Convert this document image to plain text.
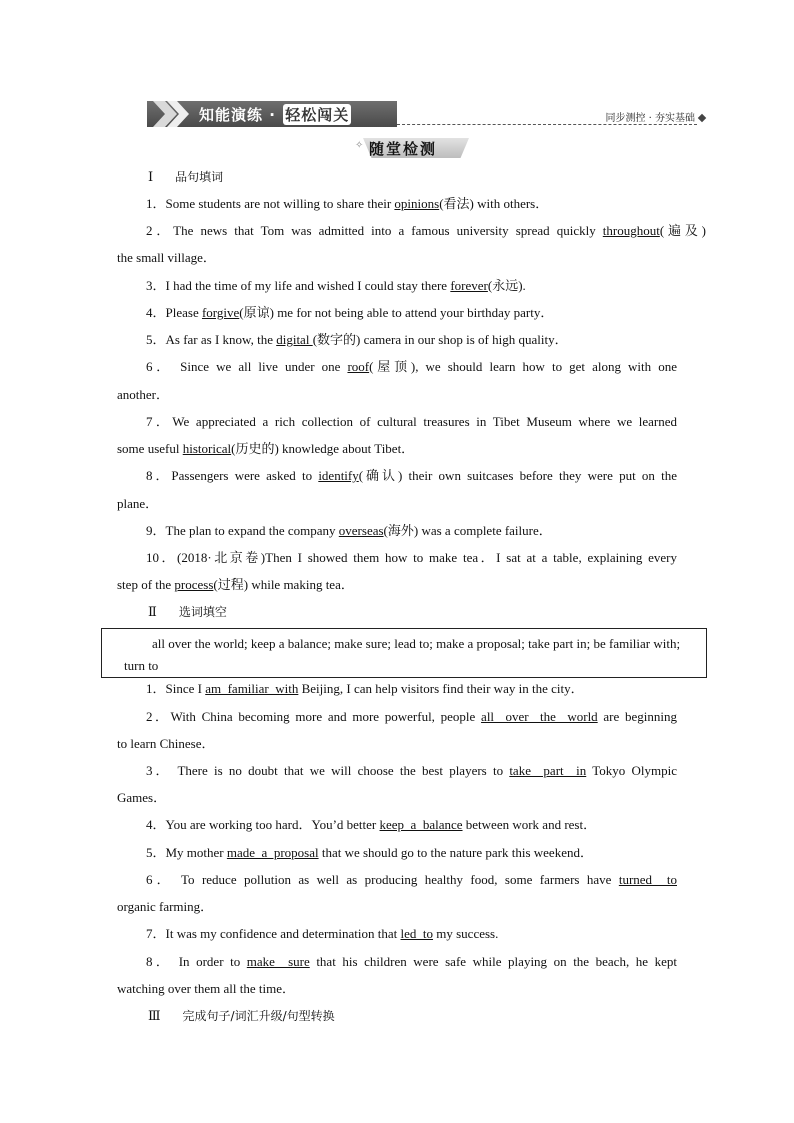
知能演练 · 轻松闯关	同步测控 · 夯实基础
✧ 随堂检测
Ⅰ 品句填词
1．Some students are not willing to share their opinions(看法) with others．
2．The news that Tom was admitted into a famous university spread quickly throughout(遍及)
the small village．
3．I had the time of my life and wished I could stay there forever(永远).
4．Please forgive(原谅) me for not being able to attend your birthday party．
5．As far as I know, the digital (数字的) camera in our shop is of high quality．
6． Since we all live under one roof(屋顶), we should learn how to get along with one
another．
7．We appreciated a rich collection of cultural treasures in Tibet Museum where we learned
some useful historical(历史的) knowledge about Tibet．
8．Passengers were asked to identify(确认) their own suitcases before they were put on the
plane．
9．The plan to expand the company overseas(海外) was a complete failure．
10．(2018·北京卷)Then I showed them how to make tea．I sat at a table, explaining every
step of the process(过程) while making tea．
Ⅱ 选词填空
all over the world; keep a balance; make sure; lead to; make a proposal; take part in; be familiar with; turn to
1．Since I am  familiar  with Beijing, I can help visitors find their way in the city．
2．With China becoming more and more powerful, people all  over  the  world are beginning
to learn Chinese．
3． There is no doubt that we will choose the best players to take  part  in Tokyo Olympic
Games．
4．You are working too hard．You’d better keep  a  balance between work and rest．
5．My mother made  a  proposal that we should go to the nature park this weekend．
6． To reduce pollution as well as producing healthy food, some farmers have turned  to
organic farming．
7．It was my confidence and determination that led  to my success.
8． In order to make  sure that his children were safe while playing on the beach, he kept
watching over them all the time．
Ⅲ 完成句子/词汇升级/句型转换
